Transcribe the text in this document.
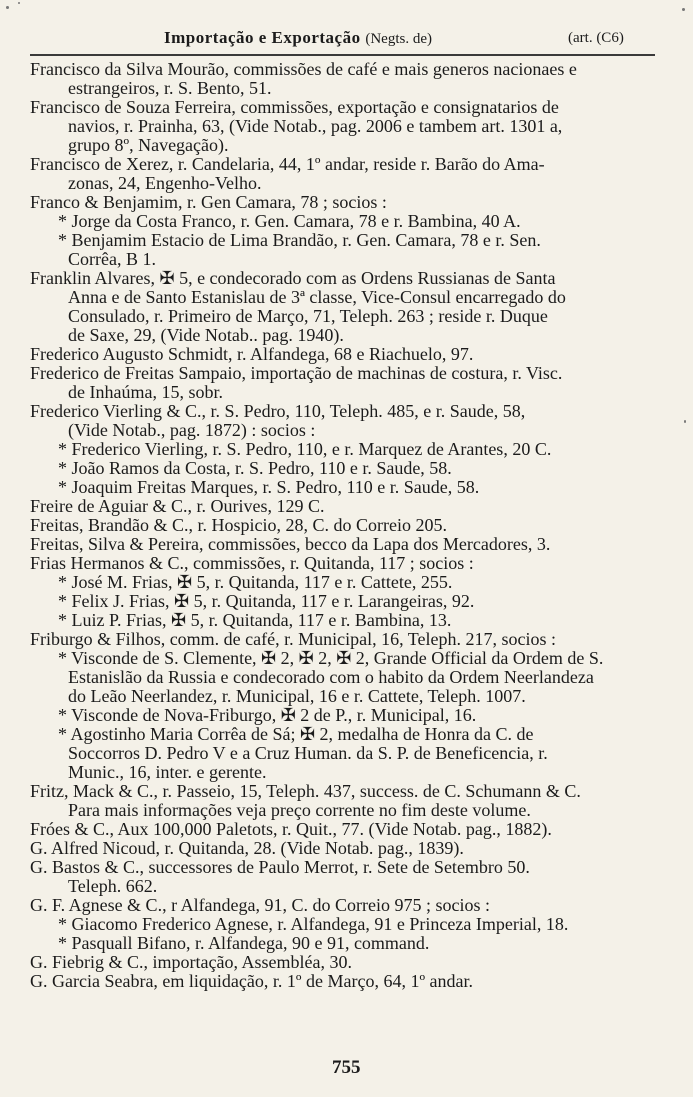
Importação e Exportação (Negts. de)	(art. (C6)
Francisco da Silva Mourão, commissões de café e mais generos nacionaes e
estrangeiros, r. S. Bento, 51.
Francisco de Souza Ferreira, commissões, exportação e consignatarios de
navios, r. Prainha, 63, (Vide Notab., pag. 2006 e tambem art. 1301 a,
grupo 8º, Navegação).
Francisco de Xerez, r. Candelaria, 44, 1º andar, reside r. Barão do Ama-
zonas, 24, Engenho-Velho.
Franco & Benjamim, r. Gen Camara, 78 ; socios :
* Jorge da Costa Franco, r. Gen. Camara, 78 e r. Bambina, 40 A.
* Benjamim Estacio de Lima Brandão, r. Gen. Camara, 78 e r. Sen.
Corrêa, B 1.
Franklin Alvares, ✠ 5, e condecorado com as Ordens Russianas de Santa
Anna e de Santo Estanislau de 3ª classe, Vice-Consul encarregado do
Consulado, r. Primeiro de Março, 71, Teleph. 263 ; reside r. Duque
de Saxe, 29, (Vide Notab.. pag. 1940).
Frederico Augusto Schmidt, r. Alfandega, 68 e Riachuelo, 97.
Frederico de Freitas Sampaio, importação de machinas de costura, r. Visc.
de Inhaúma, 15, sobr.
Frederico Vierling & C., r. S. Pedro, 110, Teleph. 485, e r. Saude, 58,
(Vide Notab., pag. 1872) : socios :
* Frederico Vierling, r. S. Pedro, 110, e r. Marquez de Arantes, 20 C.
* João Ramos da Costa, r. S. Pedro, 110 e r. Saude, 58.
* Joaquim Freitas Marques, r. S. Pedro, 110 e r. Saude, 58.
Freire de Aguiar & C., r. Ourives, 129 C.
Freitas, Brandão & C., r. Hospicio, 28, C. do Correio 205.
Freitas, Silva & Pereira, commissões, becco da Lapa dos Mercadores, 3.
Frias Hermanos & C., commissões, r. Quitanda, 117 ; socios :
* José M. Frias, ✠ 5, r. Quitanda, 117 e r. Cattete, 255.
* Felix J. Frias, ✠ 5, r. Quitanda, 117 e r. Larangeiras, 92.
* Luiz P. Frias, ✠ 5, r. Quitanda, 117 e r. Bambina, 13.
Friburgo & Filhos, comm. de café, r. Municipal, 16, Teleph. 217, socios :
* Visconde de S. Clemente, ✠ 2, ✠ 2, ✠ 2, Grande Official da Ordem de S.
Estanislão da Russia e condecorado com o habito da Ordem Neerlandeza
do Leão Neerlandez, r. Municipal, 16 e r. Cattete, Teleph. 1007.
* Visconde de Nova-Friburgo, ✠ 2 de P., r. Municipal, 16.
* Agostinho Maria Corrêa de Sá; ✠ 2, medalha de Honra da C. de
Soccorros D. Pedro V e a Cruz Human. da S. P. de Beneficencia, r.
Munic., 16, inter. e gerente.
Fritz, Mack & C., r. Passeio, 15, Teleph. 437, success. de C. Schumann & C.
Para mais informações veja preço corrente no fim deste volume.
Fróes & C., Aux 100,000 Paletots, r. Quit., 77. (Vide Notab. pag., 1882).
G. Alfred Nicoud, r. Quitanda, 28. (Vide Notab. pag., 1839).
G. Bastos & C., successores de Paulo Merrot, r. Sete de Setembro 50.
Teleph. 662.
G. F. Agnese & C., r Alfandega, 91, C. do Correio 975 ; socios :
* Giacomo Frederico Agnese, r. Alfandega, 91 e Princeza Imperial, 18.
* Pasquall Bifano, r. Alfandega, 90 e 91, command.
G. Fiebrig & C., importação, Assembléa, 30.
G. Garcia Seabra, em liquidação, r. 1º de Março, 64, 1º andar.
755
